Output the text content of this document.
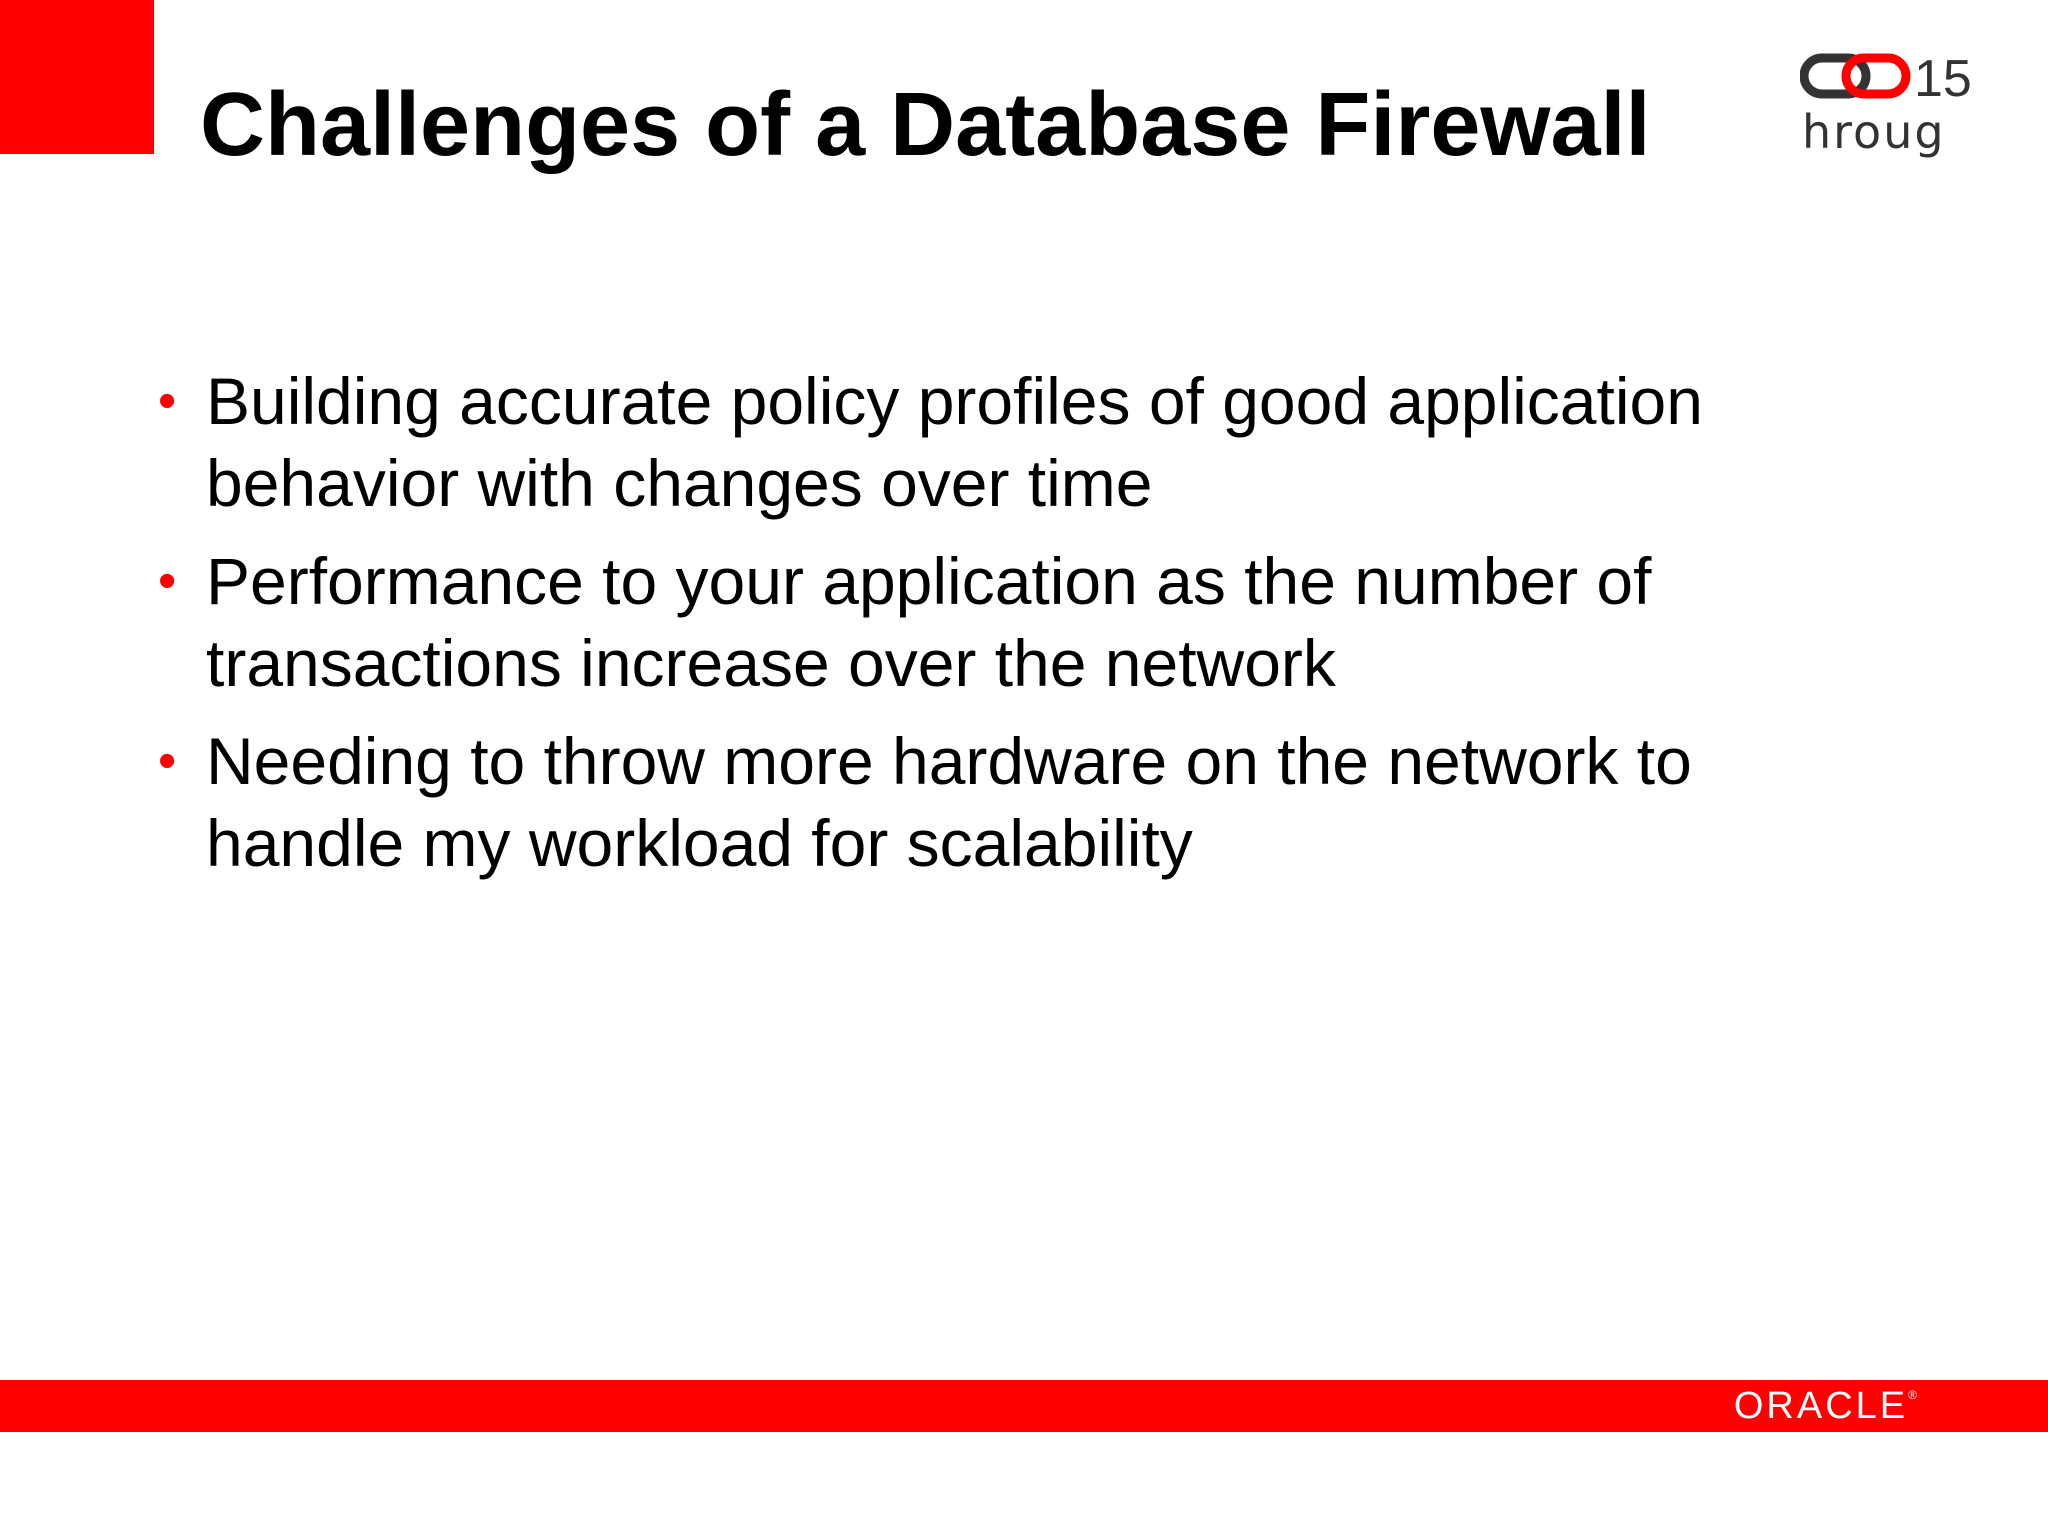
Challenges of a Database Firewall	15
hroug
• Building accurate policy profiles of good application behavior with changes over time
• Performance to your application as the number of transactions increase over the network
• Needing to throw more hardware on the network to handle my workload for scalability
ORACLE®
